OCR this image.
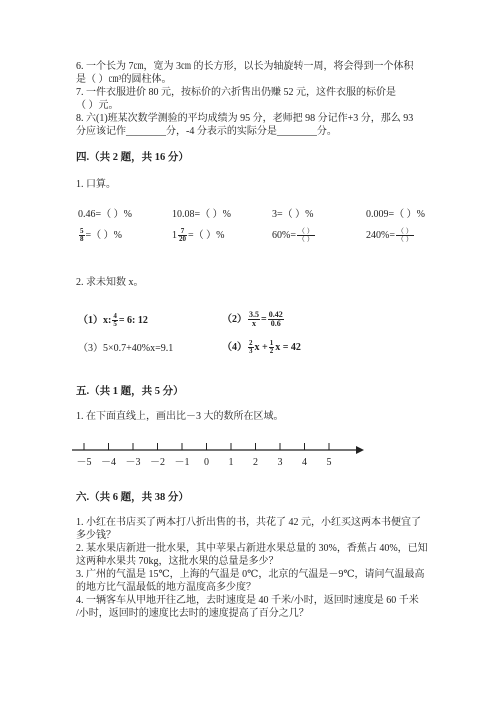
6. 一个长为 7㎝，宽为 3㎝ 的长方形，以长为轴旋转一周，将会得到一个体积
是（ ）㎝³的圆柱体。
7. 一件衣服进价 80 元，按标价的六折售出仍赚 52 元，这件衣服的标价是
（ ）元。
8. 六(1)班某次数学测验的平均成绩为 95 分，老师把 98 分记作+3 分，那么 93
分应该记作________分，-4 分表示的实际分是________分。
四.（共 2 题，共 16 分）
1. 口算。
0.46=（ ）%	10.08=（ ）%	3=（ ）%	0.009=（ ）%
$\frac{5}{8}$ =（ ）%	$1 \frac{7}{20}$ =（ ）%	$60\%= \frac{( )}{( )}$	$240\%= \frac{( )}{( )}$
2. 求未知数 x。
（1）x: $\frac{4}{5} = 6$: 12	$(2) \frac{3.5}{x} = \frac{0.42}{0.6}$
（3）5×0.7+40%x=9.1	$(4) \frac{2}{3}$ $x + \frac{1}{2}$ x = 42
五.（共 1 题，共 5 分）
1. 在下面直线上，画出比－3 大的数所在区域。
－5 －4 －3 －2 －1 0 1 2 3 4 5
六.（共 6 题，共 38 分）
1. 小红在书店买了两本打八折出售的书，共花了 42 元，小红买这两本书便宜了
多少钱？
2. 某水果店新进一批水果，其中苹果占新进水果总量的 30%，香蕉占 40%，已知
这两种水果共 70kg，这批水果的总量是多少？
3. 广州的气温是 15℃，上海的气温是 0℃，北京的气温是－9℃，请问气温最高
的地方比气温最低的地方温度高多少度？
4. 一辆客车从甲地开往乙地，去时速度是 40 千米/小时，返回时速度是 60 千米
/小时，返回时的速度比去时的速度提高了百分之几？
